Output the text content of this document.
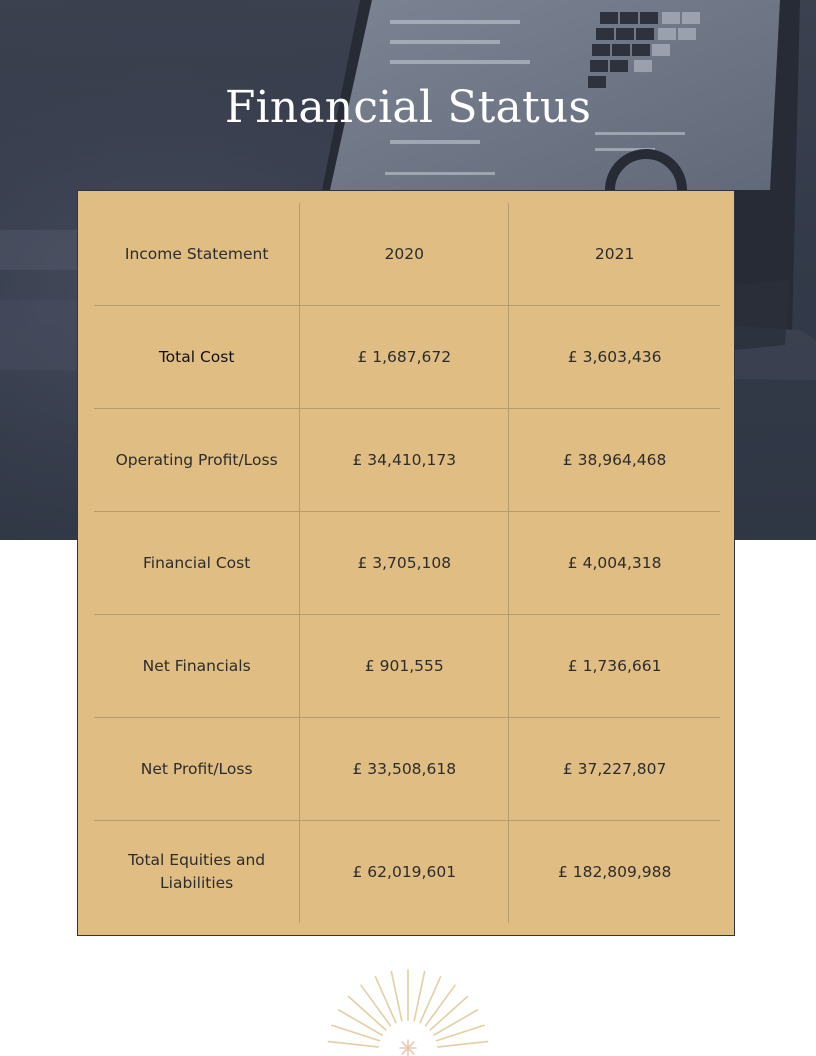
Financial Status
Income Statement	2020	2021
Total Cost	£ 1,687,672	£ 3,603,436
Operating Profit/Loss	£ 34,410,173	£ 38,964,468
Financial Cost	£ 3,705,108	£ 4,004,318
Net Financials	£ 901,555	£ 1,736,661
Net Profit/Loss	£ 33,508,618	£ 37,227,807
Total Equities and Liabilities	£ 62,019,601	£ 182,809,988
